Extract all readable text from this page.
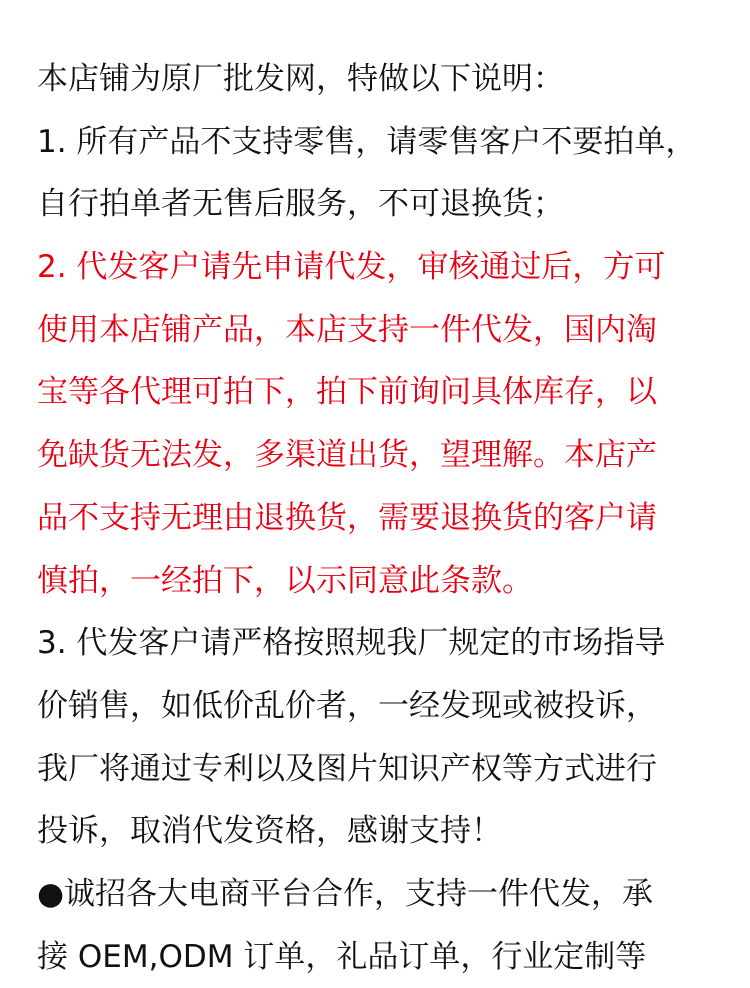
本店铺为原厂批发网，特做以下说明：
1. 所有产品不支持零售，请零售客户不要拍单，
自行拍单者无售后服务，不可退换货；
2. 代发客户请先申请代发，审核通过后，方可
使用本店铺产品，本店支持一件代发，国内淘
宝等各代理可拍下，拍下前询问具体库存，以
免缺货无法发，多渠道出货，望理解。本店产
品不支持无理由退换货，需要退换货的客户请
慎拍，一经拍下，以示同意此条款。
3. 代发客户请严格按照规我厂规定的市场指导
价销售，如低价乱价者，一经发现或被投诉，
我厂将通过专利以及图片知识产权等方式进行
投诉，取消代发资格，感谢支持！
●诚招各大电商平台合作，支持一件代发，承
接 OEM,ODM 订单，礼品订单，行业定制等
